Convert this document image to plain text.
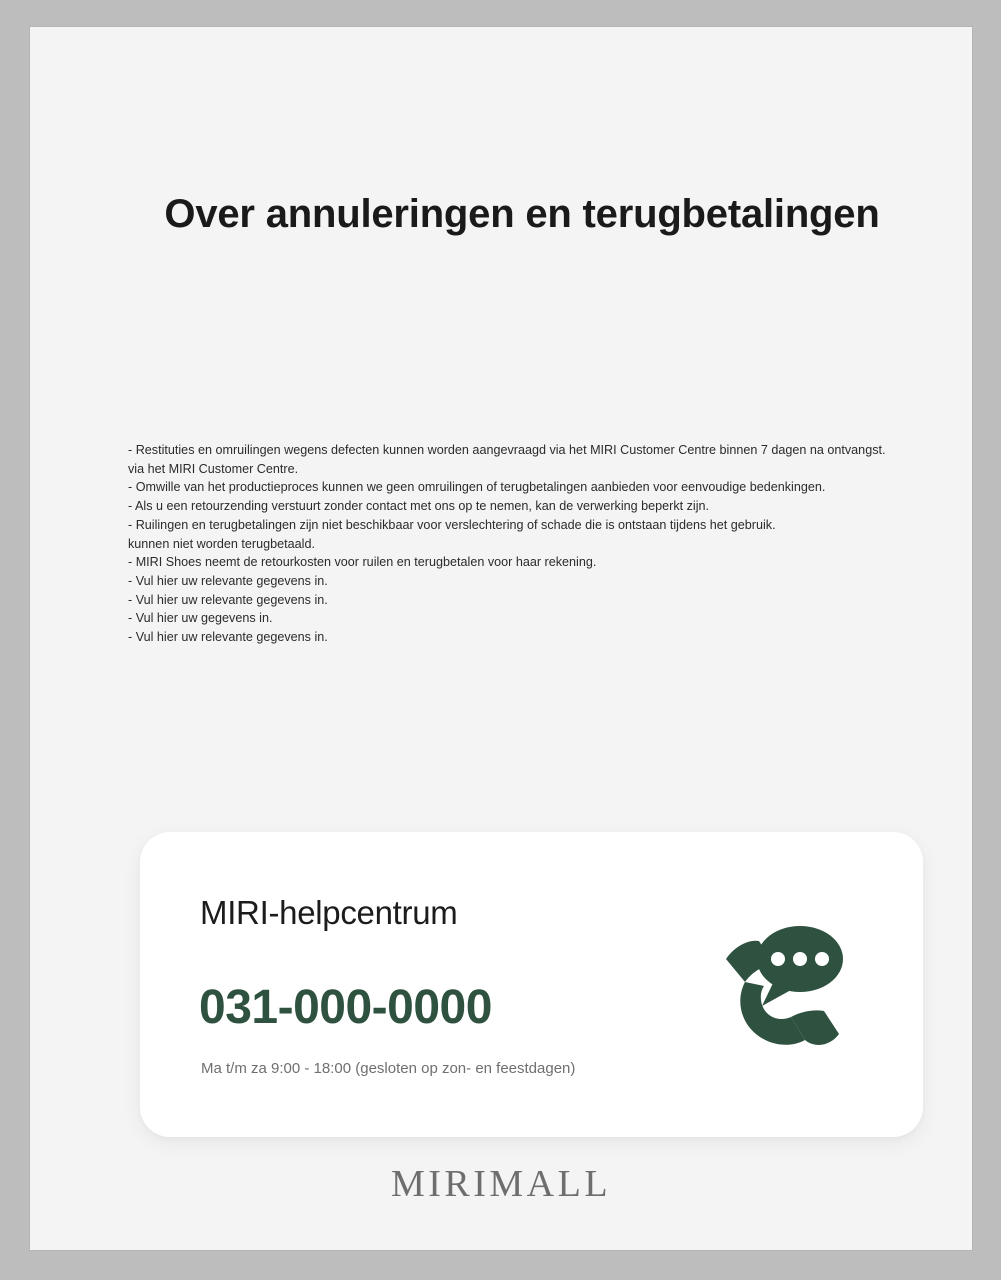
Over annuleringen en terugbetalingen
- Restituties en omruilingen wegens defecten kunnen worden aangevraagd via het MIRI Customer Centre binnen 7 dagen na ontvangst.
via het MIRI Customer Centre.
- Omwille van het productieproces kunnen we geen omruilingen of terugbetalingen aanbieden voor eenvoudige bedenkingen.
- Als u een retourzending verstuurt zonder contact met ons op te nemen, kan de verwerking beperkt zijn.
- Ruilingen en terugbetalingen zijn niet beschikbaar voor verslechtering of schade die is ontstaan tijdens het gebruik.
kunnen niet worden terugbetaald.
- MIRI Shoes neemt de retourkosten voor ruilen en terugbetalen voor haar rekening.
- Vul hier uw relevante gegevens in.
- Vul hier uw relevante gegevens in.
- Vul hier uw gegevens in.
- Vul hier uw relevante gegevens in.
MIRI-helpcentrum
031-000-0000
Ma t/m za 9:00 - 18:00 (gesloten op zon- en feestdagen)
MIRIMALL
